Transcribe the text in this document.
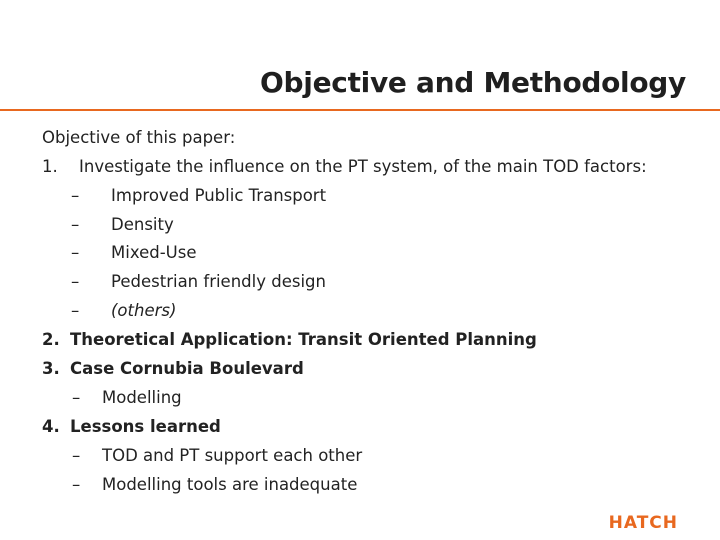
Objective and Methodology
Objective of this paper:
1. Investigate the influence on the PT system, of the main TOD factors:
– Improved Public Transport
– Density
– Mixed-Use
– Pedestrian friendly design
– (others)
2. Theoretical Application: Transit Oriented Planning
3. Case Cornubia Boulevard
– Modelling
4. Lessons learned
– TOD and PT support each other
– Modelling tools are inadequate
HATCH
